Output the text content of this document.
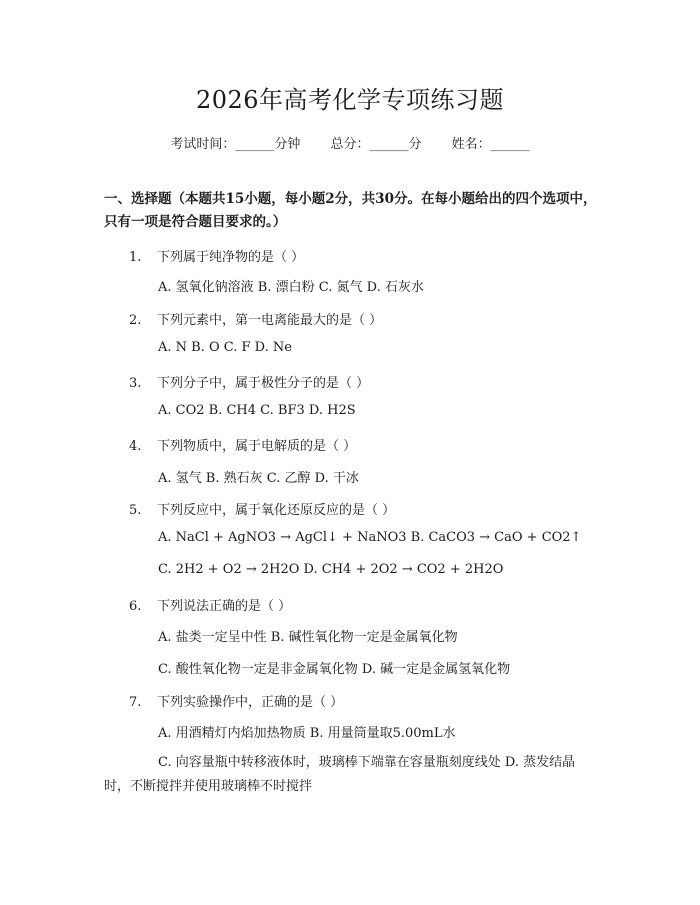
2026年高考化学专项练习题
考试时间：______分钟 总分：______分 姓名：______
一、选择题（本题共15小题，每小题2分，共30分。在每小题给出的四个选项中，只有一项是符合题目要求的。）
1. 下列属于纯净物的是（ ）
A. 氢氧化钠溶液 B. 漂白粉 C. 氮气 D. 石灰水
2. 下列元素中，第一电离能最大的是（ ）
A. N B. O C. F D. Ne
3. 下列分子中，属于极性分子的是（ ）
A. CO2 B. CH4 C. BF3 D. H2S
4. 下列物质中，属于电解质的是（ ）
A. 氢气 B. 熟石灰 C. 乙醇 D. 干冰
5. 下列反应中，属于氧化还原反应的是（ ）
A. NaCl + AgNO3 → AgCl↓ + NaNO3 B. CaCO3 → CaO + CO2↑
C. 2H2 + O2 → 2H2O D. CH4 + 2O2 → CO2 + 2H2O
6. 下列说法正确的是（ ）
A. 盐类一定呈中性 B. 碱性氧化物一定是金属氧化物
C. 酸性氧化物一定是非金属氧化物 D. 碱一定是金属氢氧化物
7. 下列实验操作中，正确的是（ ）
A. 用酒精灯内焰加热物质 B. 用量筒量取5.00mL水
C. 向容量瓶中转移液体时，玻璃棒下端靠在容量瓶刻度线处 D. 蒸发结晶时，不断搅拌并使用玻璃棒不时搅拌
